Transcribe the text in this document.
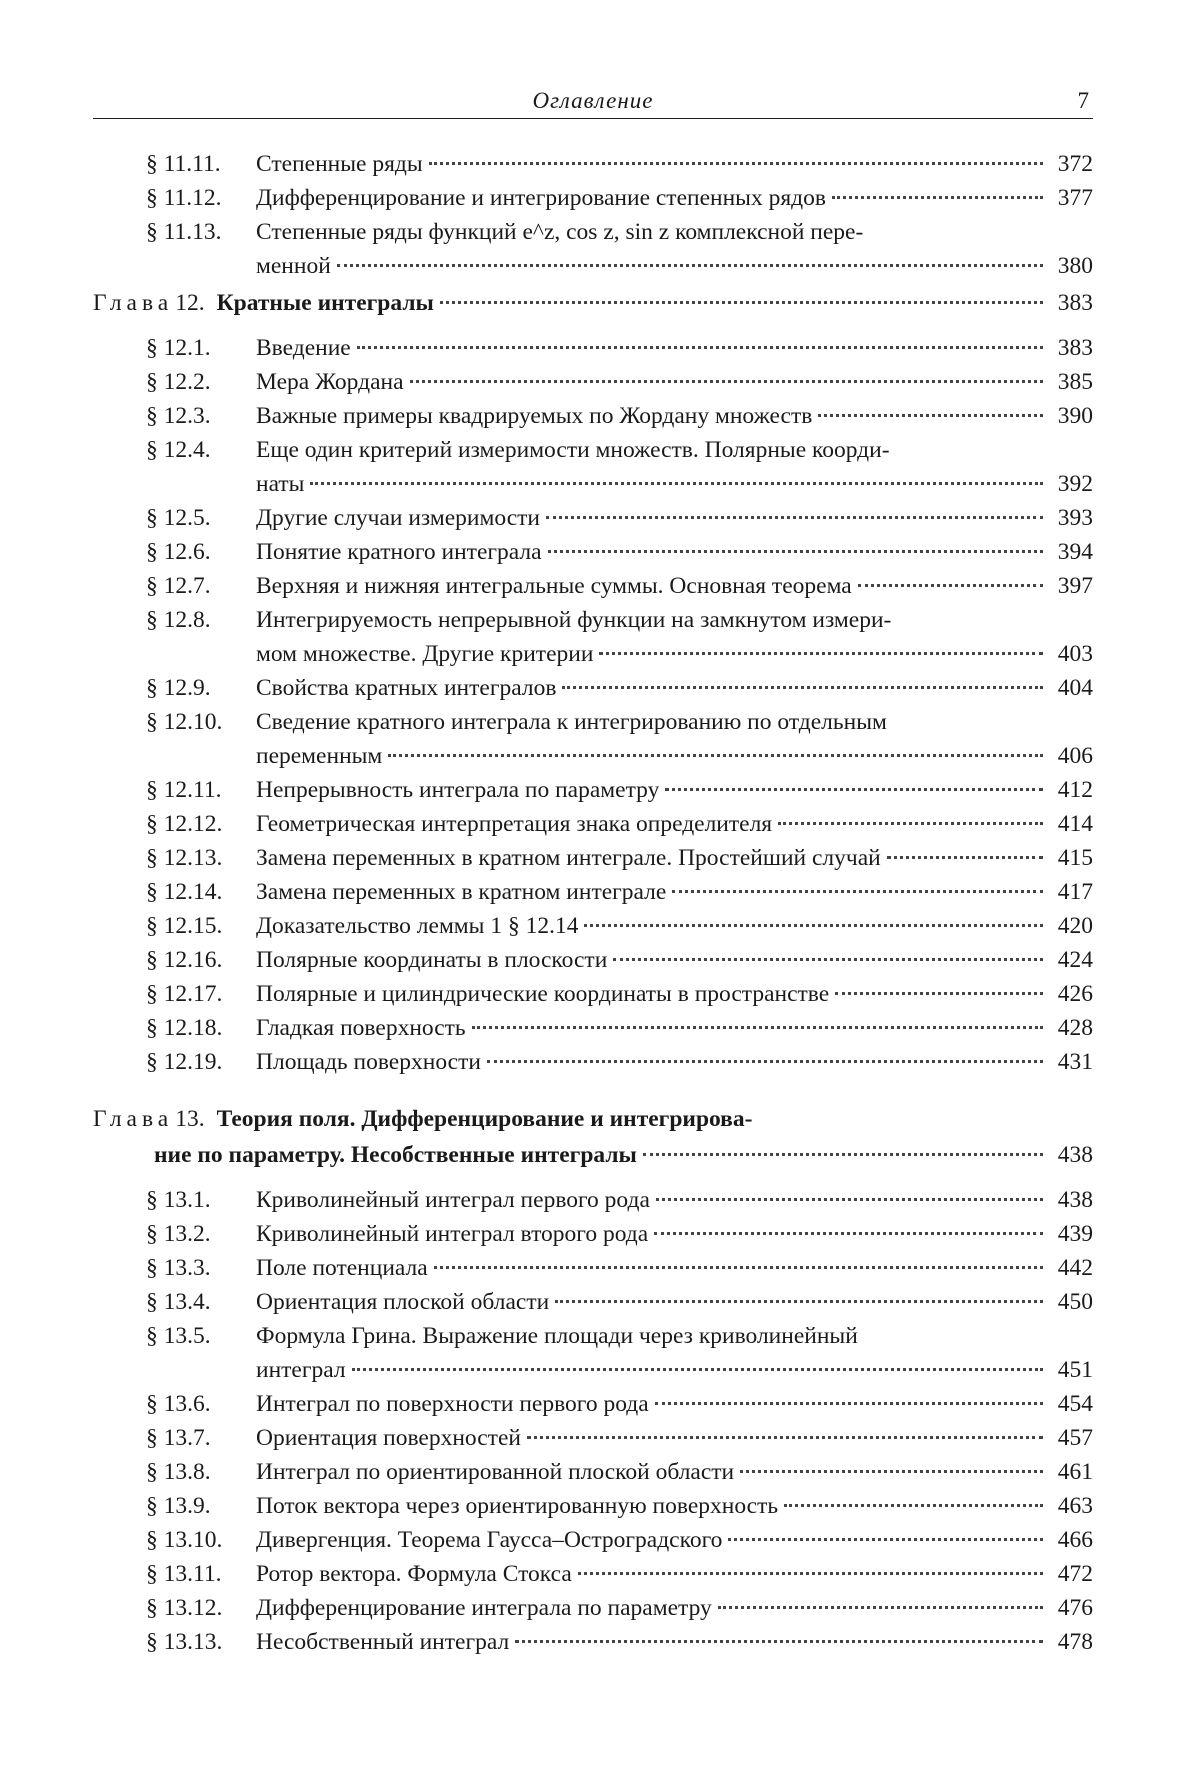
Оглавление	7
§ 11.11.	Степенные ряды	372
§ 11.12.	Дифференцирование и интегрирование степенных рядов	377
§ 11.13.	Степенные ряды функций e^z, cos z, sin z комплексной пере-
менной	380
Глава 12. Кратные интегралы	383
§ 12.1.	Введение	383
§ 12.2.	Мера Жордана	385
§ 12.3.	Важные примеры квадрируемых по Жордану множеств	390
§ 12.4.	Еще один критерий измеримости множеств. Полярные коорди-
наты	392
§ 12.5.	Другие случаи измеримости	393
§ 12.6.	Понятие кратного интеграла	394
§ 12.7.	Верхняя и нижняя интегральные суммы. Основная теорема	397
§ 12.8.	Интегрируемость непрерывной функции на замкнутом измери-
мом множестве. Другие критерии	403
§ 12.9.	Свойства кратных интегралов	404
§ 12.10.	Сведение кратного интеграла к интегрированию по отдельным
переменным	406
§ 12.11.	Непрерывность интеграла по параметру	412
§ 12.12.	Геометрическая интерпретация знака определителя	414
§ 12.13.	Замена переменных в кратном интеграле. Простейший случай	415
§ 12.14.	Замена переменных в кратном интеграле	417
§ 12.15.	Доказательство леммы 1 § 12.14	420
§ 12.16.	Полярные координаты в плоскости	424
§ 12.17.	Полярные и цилиндрические координаты в пространстве	426
§ 12.18.	Гладкая поверхность	428
§ 12.19.	Площадь поверхности	431
Глава 13. Теория поля. Дифференцирование и интегрирова-
ние по параметру. Несобственные интегралы	438
§ 13.1.	Криволинейный интеграл первого рода	438
§ 13.2.	Криволинейный интеграл второго рода	439
§ 13.3.	Поле потенциала	442
§ 13.4.	Ориентация плоской области	450
§ 13.5.	Формула Грина. Выражение площади через криволинейный
интеграл	451
§ 13.6.	Интеграл по поверхности первого рода	454
§ 13.7.	Ориентация поверхностей	457
§ 13.8.	Интеграл по ориентированной плоской области	461
§ 13.9.	Поток вектора через ориентированную поверхность	463
§ 13.10.	Дивергенция. Теорема Гаусса–Остроградского	466
§ 13.11.	Ротор вектора. Формула Стокса	472
§ 13.12.	Дифференцирование интеграла по параметру	476
§ 13.13.	Несобственный интеграл	478
